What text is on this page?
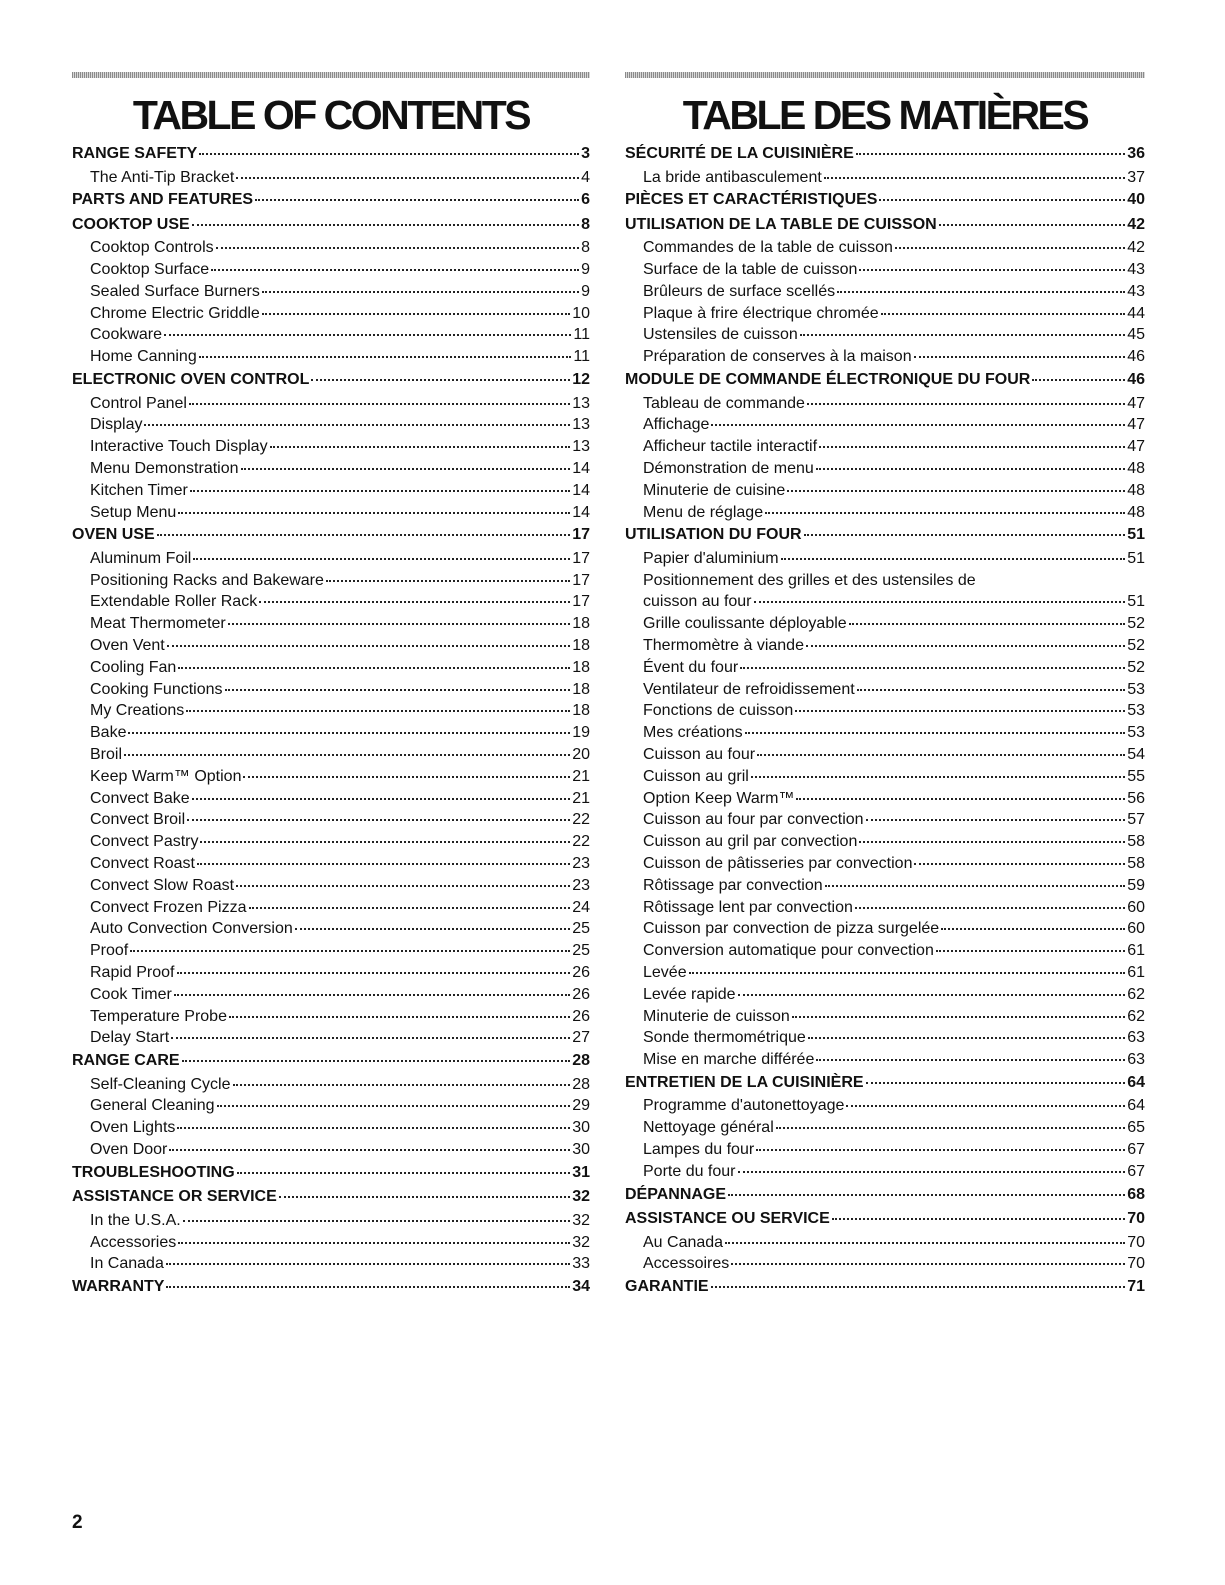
TABLE OF CONTENTS
RANGE SAFETY	3
The Anti-Tip Bracket	4
PARTS AND FEATURES	6
COOKTOP USE	8
Cooktop Controls	8
Cooktop Surface	9
Sealed Surface Burners	9
Chrome Electric Griddle	10
Cookware	11
Home Canning	11
ELECTRONIC OVEN CONTROL	12
Control Panel	13
Display	13
Interactive Touch Display	13
Menu Demonstration	14
Kitchen Timer	14
Setup Menu	14
OVEN USE	17
Aluminum Foil	17
Positioning Racks and Bakeware	17
Extendable Roller Rack	17
Meat Thermometer	18
Oven Vent	18
Cooling Fan	18
Cooking Functions	18
My Creations	18
Bake	19
Broil	20
Keep Warm™ Option	21
Convect Bake	21
Convect Broil	22
Convect Pastry	22
Convect Roast	23
Convect Slow Roast	23
Convect Frozen Pizza	24
Auto Convection Conversion	25
Proof	25
Rapid Proof	26
Cook Timer	26
Temperature Probe	26
Delay Start	27
RANGE CARE	28
Self-Cleaning Cycle	28
General Cleaning	29
Oven Lights	30
Oven Door	30
TROUBLESHOOTING	31
ASSISTANCE OR SERVICE	32
In the U.S.A.	32
Accessories	32
In Canada	33
WARRANTY	34
TABLE DES MATIÈRES
SÉCURITÉ DE LA CUISINIÈRE	36
La bride antibasculement	37
PIÈCES ET CARACTÉRISTIQUES	40
UTILISATION DE LA TABLE DE CUISSON	42
Commandes de la table de cuisson	42
Surface de la table de cuisson	43
Brûleurs de surface scellés	43
Plaque à frire électrique chromée	44
Ustensiles de cuisson	45
Préparation de conserves à la maison	46
MODULE DE COMMANDE ÉLECTRONIQUE DU FOUR	46
Tableau de commande	47
Affichage	47
Afficheur tactile interactif	47
Démonstration de menu	48
Minuterie de cuisine	48
Menu de réglage	48
UTILISATION DU FOUR	51
Papier d'aluminium	51
Positionnement des grilles et des ustensiles de
cuisson au four	51
Grille coulissante déployable	52
Thermomètre à viande	52
Évent du four	52
Ventilateur de refroidissement	53
Fonctions de cuisson	53
Mes créations	53
Cuisson au four	54
Cuisson au gril	55
Option Keep Warm™	56
Cuisson au four par convection	57
Cuisson au gril par convection	58
Cuisson de pâtisseries par convection	58
Rôtissage par convection	59
Rôtissage lent par convection	60
Cuisson par convection de pizza surgelée	60
Conversion automatique pour convection	61
Levée	61
Levée rapide	62
Minuterie de cuisson	62
Sonde thermométrique	63
Mise en marche différée	63
ENTRETIEN DE LA CUISINIÈRE	64
Programme d'autonettoyage	64
Nettoyage général	65
Lampes du four	67
Porte du four	67
DÉPANNAGE	68
ASSISTANCE OU SERVICE	70
Au Canada	70
Accessoires	70
GARANTIE	71
2
